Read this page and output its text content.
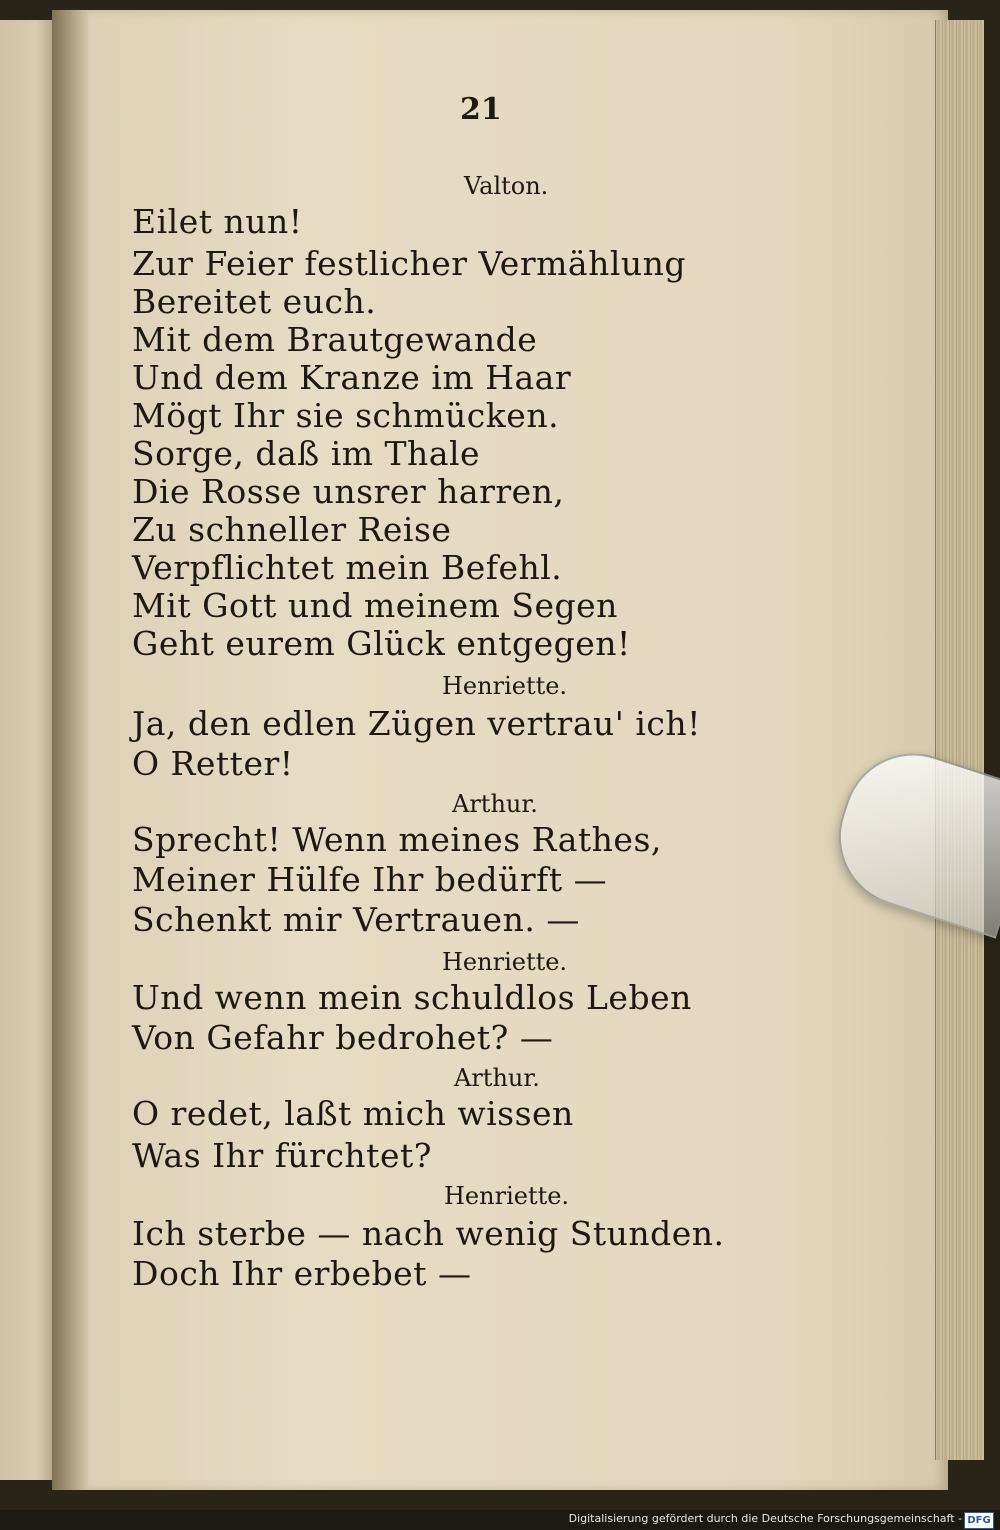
21
Valton.
Eilet nun!
Zur Feier festlicher Vermählung
Bereitet euch.
Mit dem Brautgewande
Und dem Kranze im Haar
Mögt Ihr sie schmücken.
Sorge, daß im Thale
Die Rosse unsrer harren,
Zu schneller Reise
Verpflichtet mein Befehl.
Mit Gott und meinem Segen
Geht eurem Glück entgegen!
Henriette.
Ja, den edlen Zügen vertrau' ich!
O Retter!
Arthur.
Sprecht! Wenn meines Rathes,
Meiner Hülfe Ihr bedürft —
Schenkt mir Vertrauen. —
Henriette.
Und wenn mein schuldlos Leben
Von Gefahr bedrohet? —
Arthur.
O redet, laßt mich wissen
Was Ihr fürchtet?
Henriette.
Ich sterbe — nach wenig Stunden.
Doch Ihr erbebet —
Digitalisierung gefördert durch die Deutsche Forschungsgemeinschaft - DFG
